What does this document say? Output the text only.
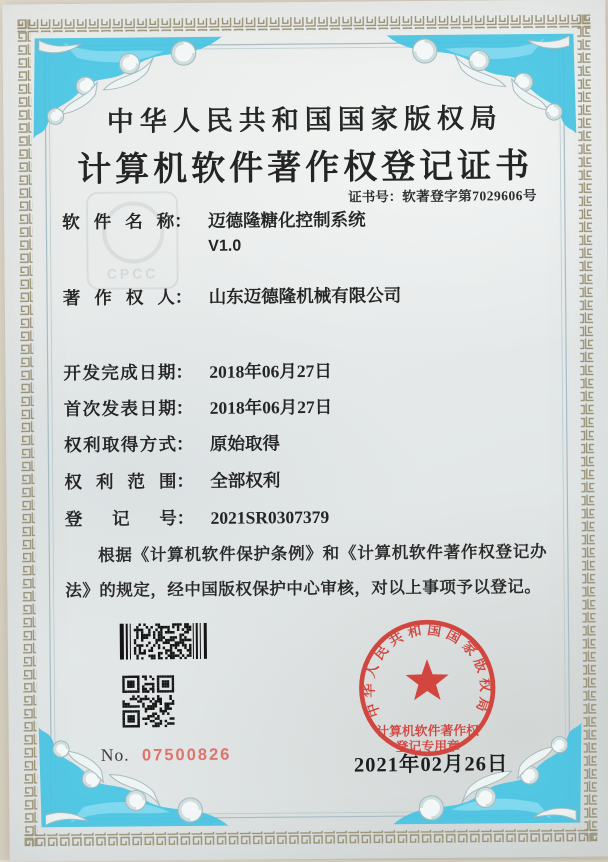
CPCC
中华人民共和国国家版权局
计算机软件著作权登记证书
证书号：软著登字第7029606号
软件名称： 迈德隆糖化控制系统
V1.0
著作权人： 山东迈德隆机械有限公司
开发完成日期： 2018年06月27日
首次发表日期： 2018年06月27日
权利取得方式： 原始取得
权利范围： 全部权利
登记号： 2021SR0307379
根据《计算机软件保护条例》和《计算机软件著作权登记办法》的规定，经中国版权保护中心审核，对以上事项予以登记。
No. 07500826
中华人民共和国国家版权局
计算机软件著作权
登记专用章
2021年02月26日
